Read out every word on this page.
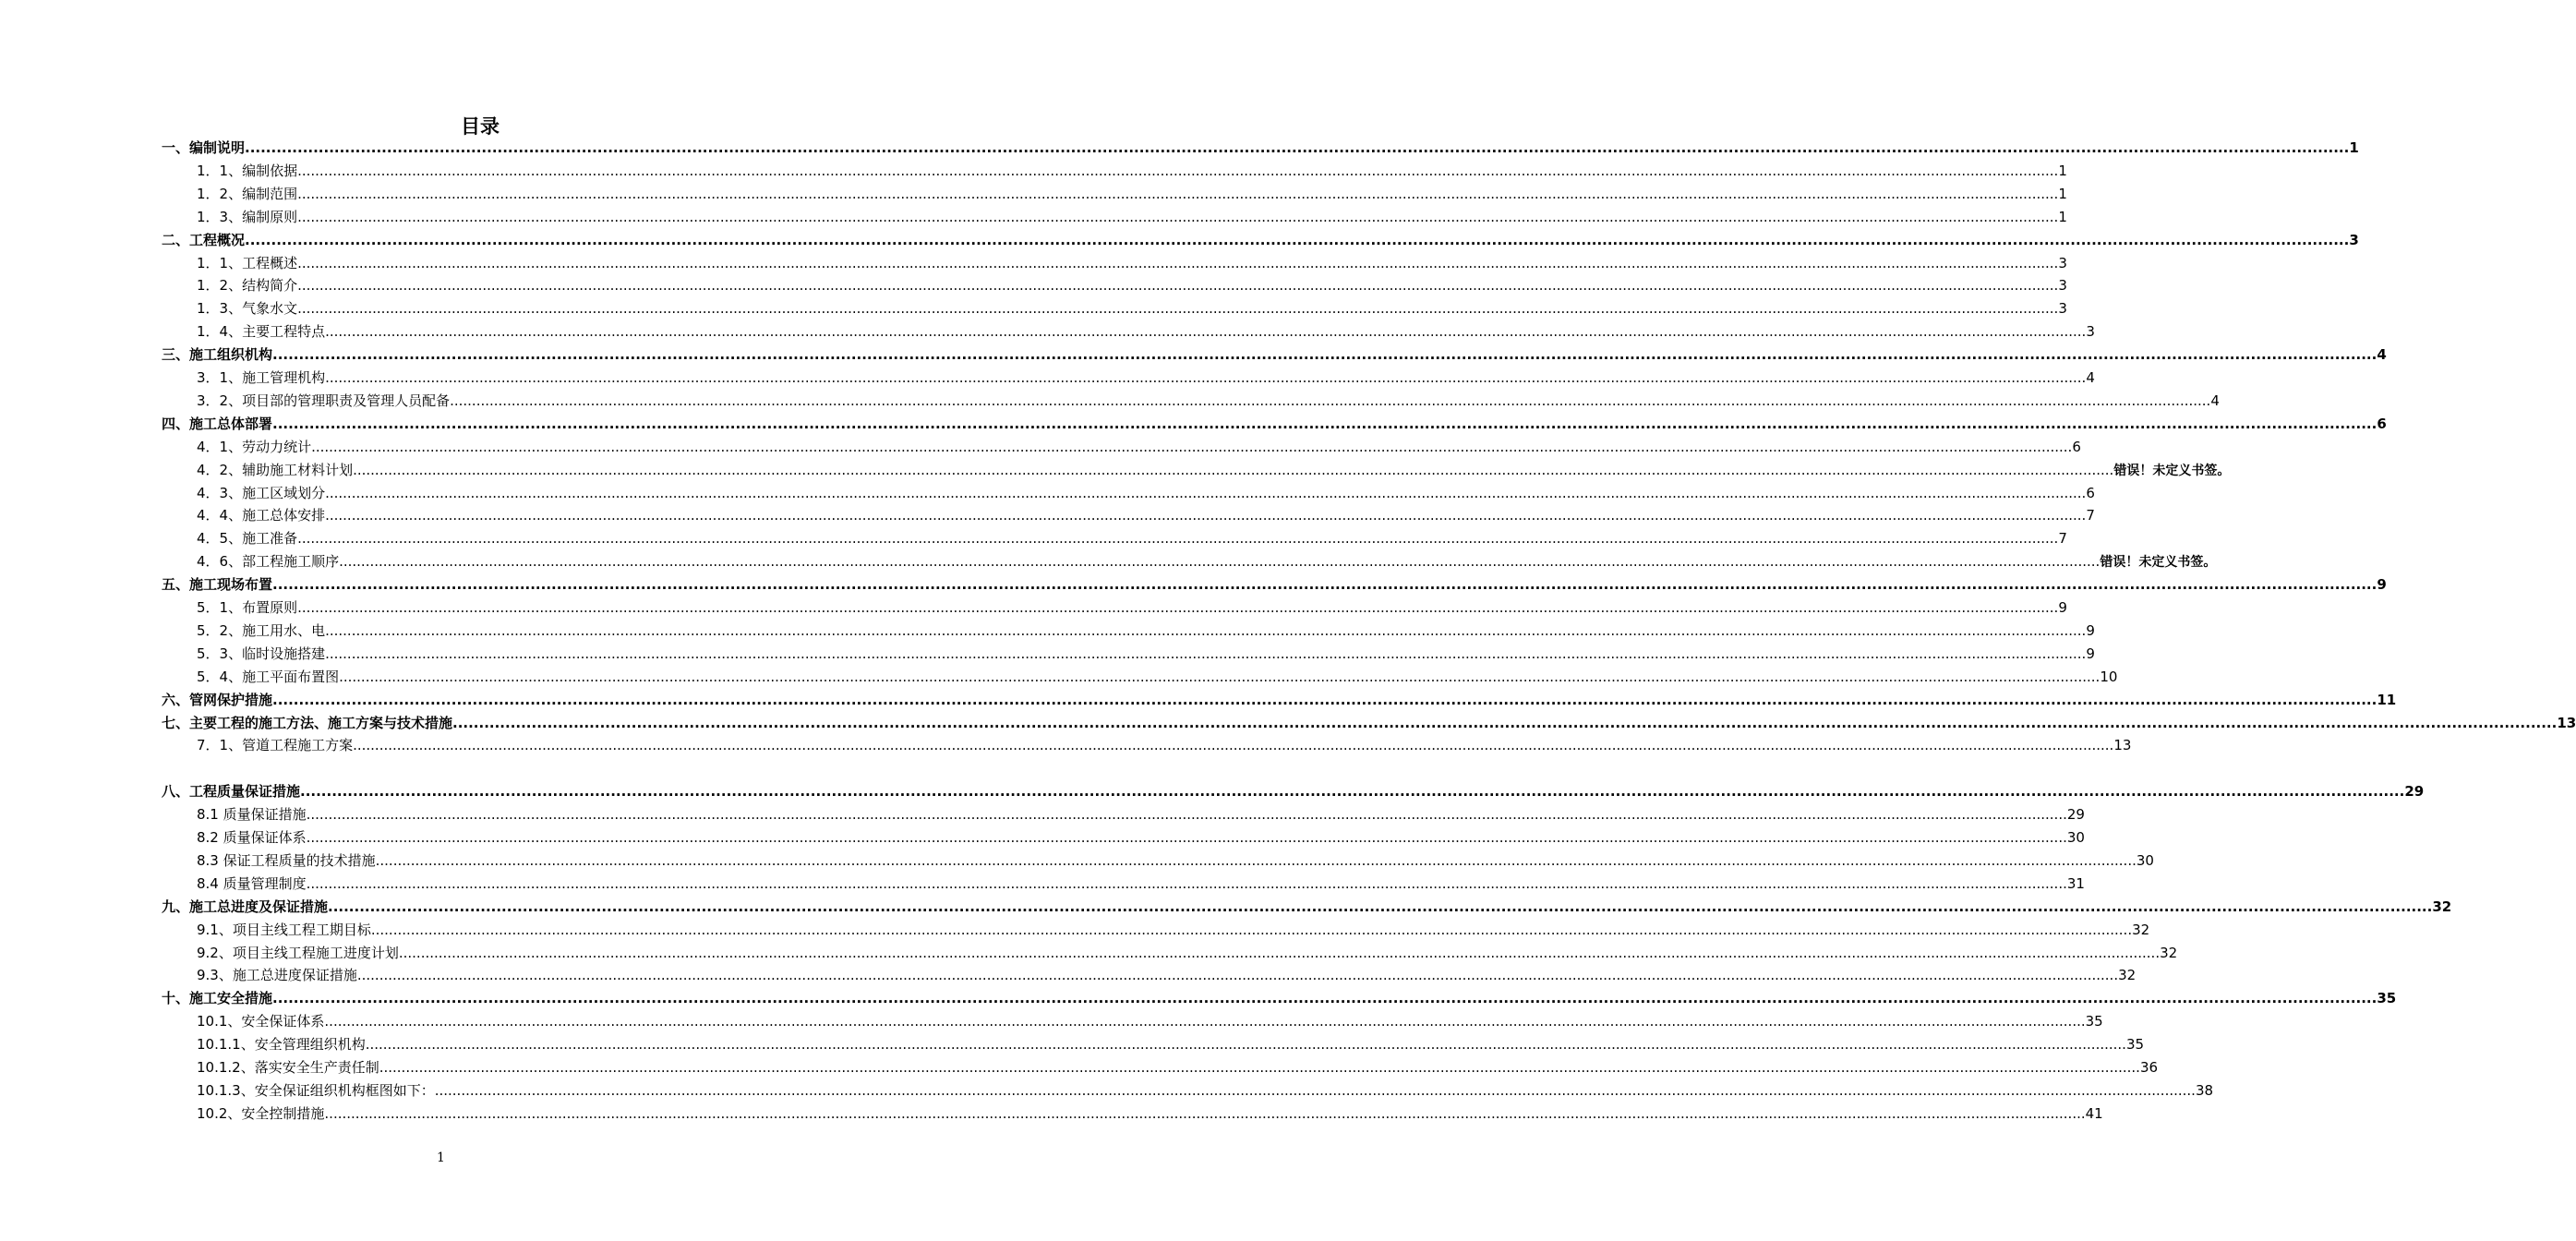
目录
一、编制说明 ................................................................................................................................................................................................................................................................................................................................................................................................................ 1
1．1、编制依据 ................................................................................................................................................................................................................................................................................................................................................................................................................ 1
1．2、编制范围 ................................................................................................................................................................................................................................................................................................................................................................................................................ 1
1．3、编制原则 ................................................................................................................................................................................................................................................................................................................................................................................................................ 1
二、工程概况 ................................................................................................................................................................................................................................................................................................................................................................................................................ 3
1．1、工程概述 ................................................................................................................................................................................................................................................................................................................................................................................................................ 3
1．2、结构简介 ................................................................................................................................................................................................................................................................................................................................................................................................................ 3
1．3、气象水文 ................................................................................................................................................................................................................................................................................................................................................................................................................ 3
1．4、主要工程特点 ................................................................................................................................................................................................................................................................................................................................................................................................................ 3
三、施工组织机构 ................................................................................................................................................................................................................................................................................................................................................................................................................ 4
3．1、施工管理机构 ................................................................................................................................................................................................................................................................................................................................................................................................................ 4
3．2、项目部的管理职责及管理人员配备 ................................................................................................................................................................................................................................................................................................................................................................................................................ 4
四、施工总体部署 ................................................................................................................................................................................................................................................................................................................................................................................................................ 6
4．1、劳动力统计 ................................................................................................................................................................................................................................................................................................................................................................................................................ 6
4．2、辅助施工材料计划 ................................................................................................................................................................................................................................................................................................................................................................................................................ 错误！未定义书签。
4．3、施工区域划分 ................................................................................................................................................................................................................................................................................................................................................................................................................ 6
4．4、施工总体安排 ................................................................................................................................................................................................................................................................................................................................................................................................................ 7
4．5、施工准备 ................................................................................................................................................................................................................................................................................................................................................................................................................ 7
4．6、部工程施工顺序 ................................................................................................................................................................................................................................................................................................................................................................................................................ 错误！未定义书签。
五、施工现场布置 ................................................................................................................................................................................................................................................................................................................................................................................................................ 9
5．1、布置原则 ................................................................................................................................................................................................................................................................................................................................................................................................................ 9
5．2、施工用水、电 ................................................................................................................................................................................................................................................................................................................................................................................................................ 9
5．3、临时设施搭建 ................................................................................................................................................................................................................................................................................................................................................................................................................ 9
5．4、施工平面布置图 ................................................................................................................................................................................................................................................................................................................................................................................................................ 10
六、管网保护措施 ................................................................................................................................................................................................................................................................................................................................................................................................................ 11
七、主要工程的施工方法、施工方案与技术措施 ................................................................................................................................................................................................................................................................................................................................................................................................................ 13
7．1、管道工程施工方案 ................................................................................................................................................................................................................................................................................................................................................................................................................ 13
八、工程质量保证措施 ................................................................................................................................................................................................................................................................................................................................................................................................................ 29
8.1 质量保证措施 ................................................................................................................................................................................................................................................................................................................................................................................................................ 29
8.2 质量保证体系 ................................................................................................................................................................................................................................................................................................................................................................................................................ 30
8.3 保证工程质量的技术措施 ................................................................................................................................................................................................................................................................................................................................................................................................................ 30
8.4 质量管理制度 ................................................................................................................................................................................................................................................................................................................................................................................................................ 31
九、施工总进度及保证措施 ................................................................................................................................................................................................................................................................................................................................................................................................................ 32
9.1、项目主线工程工期目标 ................................................................................................................................................................................................................................................................................................................................................................................................................ 32
9.2、项目主线工程施工进度计划 ................................................................................................................................................................................................................................................................................................................................................................................................................ 32
9.3、施工总进度保证措施 ................................................................................................................................................................................................................................................................................................................................................................................................................ 32
十、施工安全措施 ................................................................................................................................................................................................................................................................................................................................................................................................................ 35
10.1、安全保证体系 ................................................................................................................................................................................................................................................................................................................................................................................................................ 35
10.1.1、安全管理组织机构 ................................................................................................................................................................................................................................................................................................................................................................................................................ 35
10.1.2、落实安全生产责任制 ................................................................................................................................................................................................................................................................................................................................................................................................................ 36
10.1.3、安全保证组织机构框图如下： ................................................................................................................................................................................................................................................................................................................................................................................................................ 38
10.2、安全控制措施 ................................................................................................................................................................................................................................................................................................................................................................................................................ 41
1
